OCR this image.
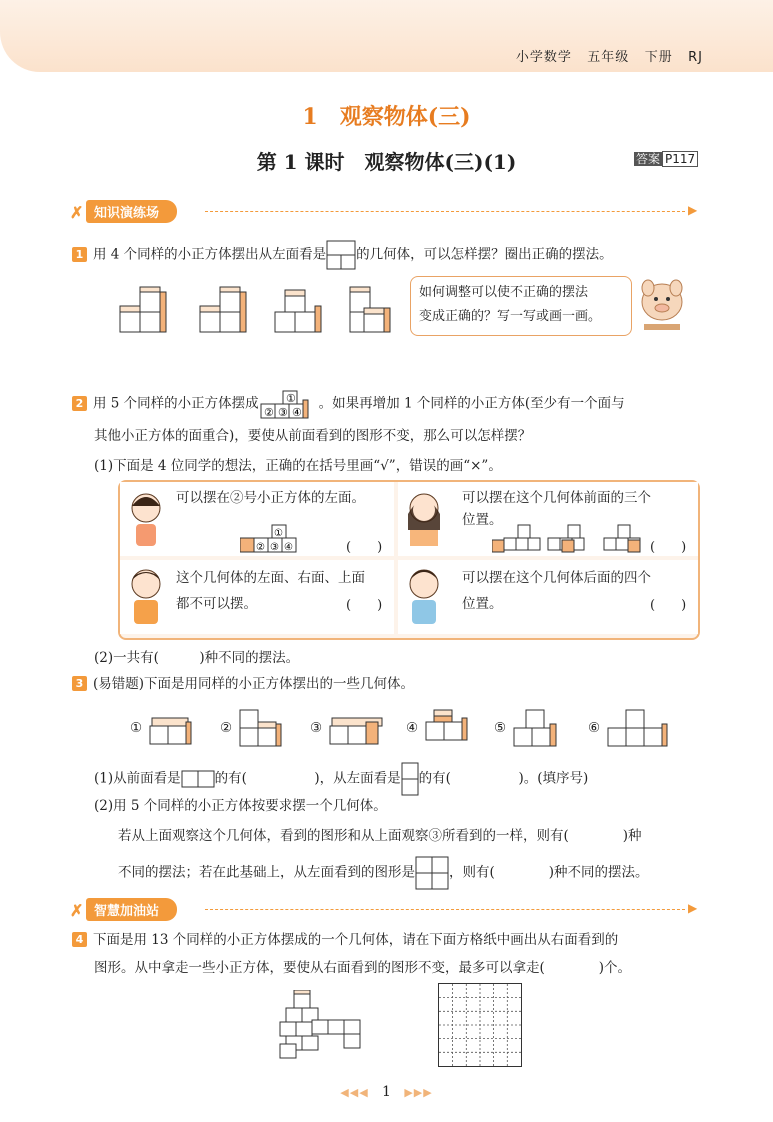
小学数学 五年级 下册 RJ
1　观察物体(三)
第 1 课时　观察物体(三)(1)	答案 P117
✗ 知识演练场	▶
1 用 4 个同样的小正方体摆出从左面看是 的几何体，可以怎样摆？圈出正确的摆法。
如何调整可以使不正确的摆法
变成正确的？写一写或画一画。
2 用 5 个同样的小正方体摆成
② ③ ④
① 。如果再增加 1 个同样的小正方体(至少有一个面与
其他小正方体的面重合)，要使从前面看到的图形不变，那么可以怎样摆？
(1)下面是 4 位同学的想法，正确的在括号里画“√”，错误的画“×”。
可以摆在②号小正方体的左面。
② ③ ④
①
(　　)
可以摆在这个几何体前面的三个
位置。
(　　)
这个几何体的左面、右面、上面
都不可以摆。	(　　)
可以摆在这个几何体后面的四个
位置。	(　　)
(2)一共有(　　　)种不同的摆法。
3 (易错题)下面是用同样的小正方体摆出的一些几何体。
①	②	③	④	⑤	⑥
(1)从前面看是	的有(　　　　　)，从左面看是 的有(　　　　　)。(填序号)
(2)用 5 个同样的小正方体按要求摆一个几何体。
若从上面观察这个几何体，看到的图形和从上面观察③所看到的一样，则有(　　　　)种
不同的摆法；若在此基础上，从左面看到的图形是	，则有(　　　　)种不同的摆法。
✗ 智慧加油站	▶
4 下面是用 13 个同样的小正方体摆成的一个几何体，请在下面方格纸中画出从右面看到的
图形。从中拿走一些小正方体，要使从右面看到的图形不变，最多可以拿走(　　　　)个。
◀◀◀ 1 ▶▶▶
